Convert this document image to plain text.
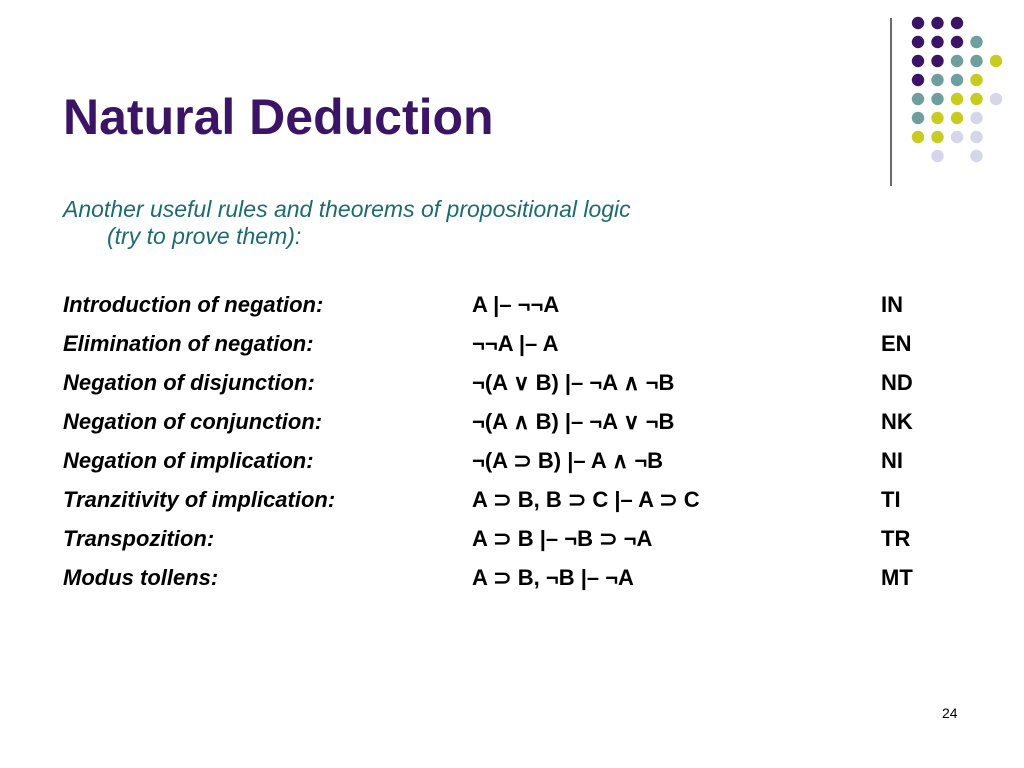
Natural Deduction
Another useful rules and theorems of propositional logic
(try to prove them):
Introduction of negation:	A |– ¬¬A	IN
Elimination of negation:	¬¬A |– A	EN
Negation of disjunction:	¬(A ∨ B) |– ¬A ∧ ¬B	ND
Negation of conjunction:	¬(A ∧ B) |– ¬A ∨ ¬B	NK
Negation of implication:	¬(A ⊃ B) |– A ∧ ¬B	NI
Tranzitivity of implication:	A ⊃ B, B ⊃ C |– A ⊃ C	TI
Transpozition:	A ⊃ B |– ¬B ⊃ ¬A	TR
Modus tollens:	A ⊃ B, ¬B |– ¬A	MT
24
